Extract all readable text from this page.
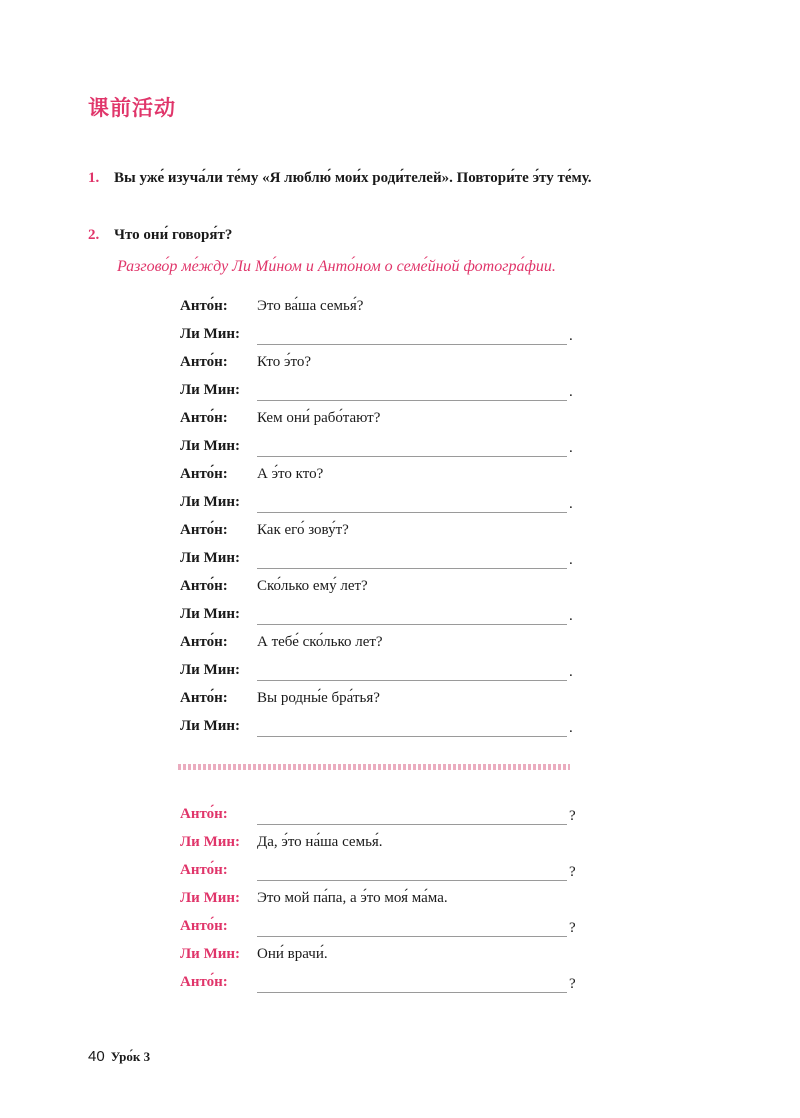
课前活动
1. Вы уже́ изуча́ли те́му «Я люблю́ мои́х роди́телей». Повтори́те э́ту те́му.
2. Что они́ говоря́т?
Разгово́р ме́жду Ли Ми́ном и Анто́ном о семе́йной фотогра́фии.
Анто́н: Это ва́ша семья́?
Ли Мин:	.
Анто́н: Кто э́то?
Ли Мин:	.
Анто́н: Кем они́ рабо́тают?
Ли Мин:	.
Анто́н: А э́то кто?
Ли Мин:	.
Анто́н: Как его́ зову́т?
Ли Мин:	.
Анто́н: Ско́лько ему́ лет?
Ли Мин:	.
Анто́н: А тебе́ ско́лько лет?
Ли Мин:	.
Анто́н: Вы родны́е бра́тья?
Ли Мин:	.
Анто́н:	?
Ли Мин: Да, э́то на́ша семья́.
Анто́н:	?
Ли Мин: Это мой па́па, а э́то моя́ ма́ма.
Анто́н:	?
Ли Мин: Они́ врачи́.
Анто́н:	?
40 Уро́к 3
